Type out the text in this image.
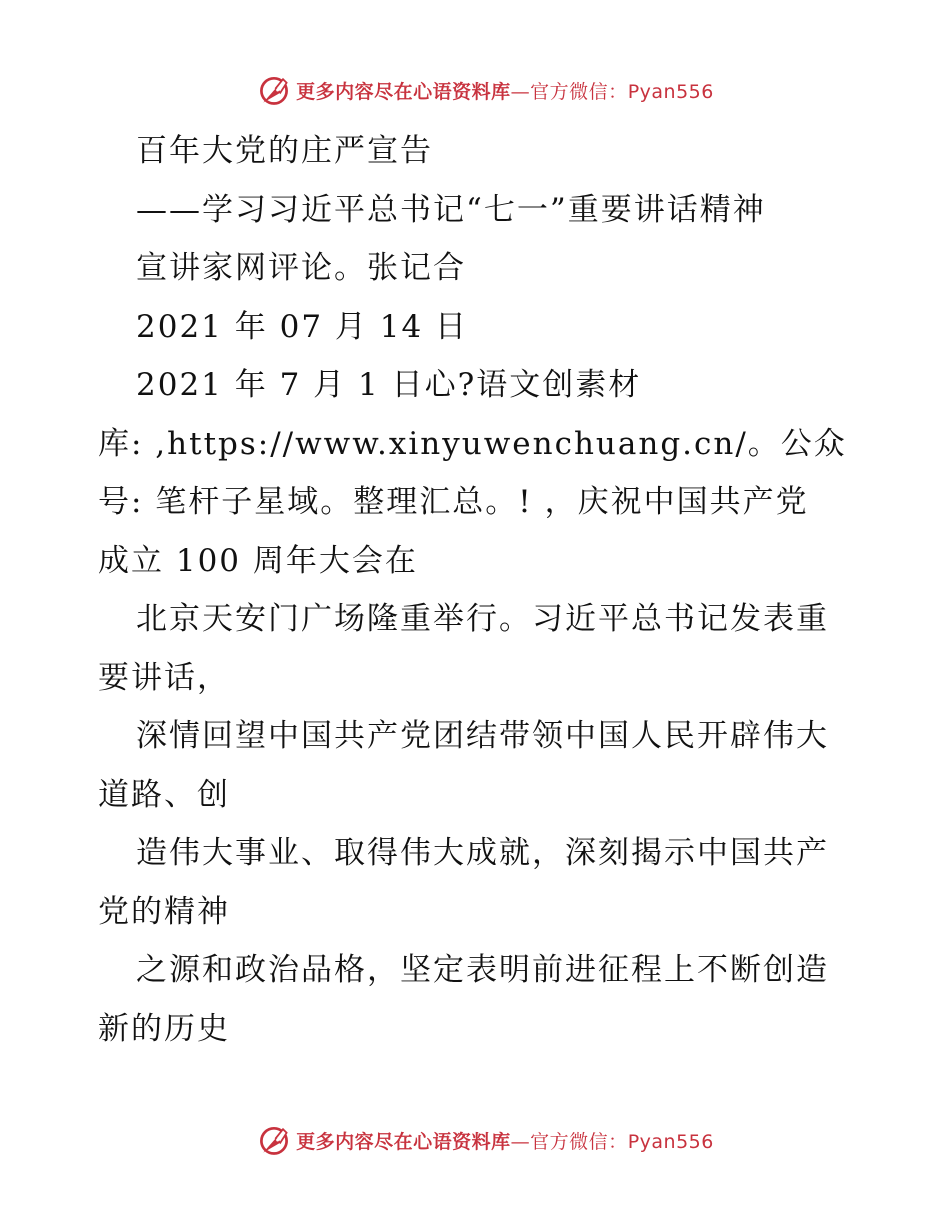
更多内容尽在心语资料库—官方微信：Pyan556
百年大党的庄严宣告
——学习习近平总书记“七一”重要讲话精神
宣讲家网评论。张记合
2021 年 07 月 14 日
2021 年 7 月 1 日心?语文创素材
库: ,https://www.xinyuwenchuang.cn/。公众
号: 笔杆子星域。整理汇总。! ，庆祝中国共产党
成立 100 周年大会在
北京天安门广场隆重举行。习近平总书记发表重
要讲话，
深情回望中国共产党团结带领中国人民开辟伟大
道路、创
造伟大事业、取得伟大成就，深刻揭示中国共产
党的精神
之源和政治品格，坚定表明前进征程上不断创造
新的历史
更多内容尽在心语资料库—官方微信：Pyan556
